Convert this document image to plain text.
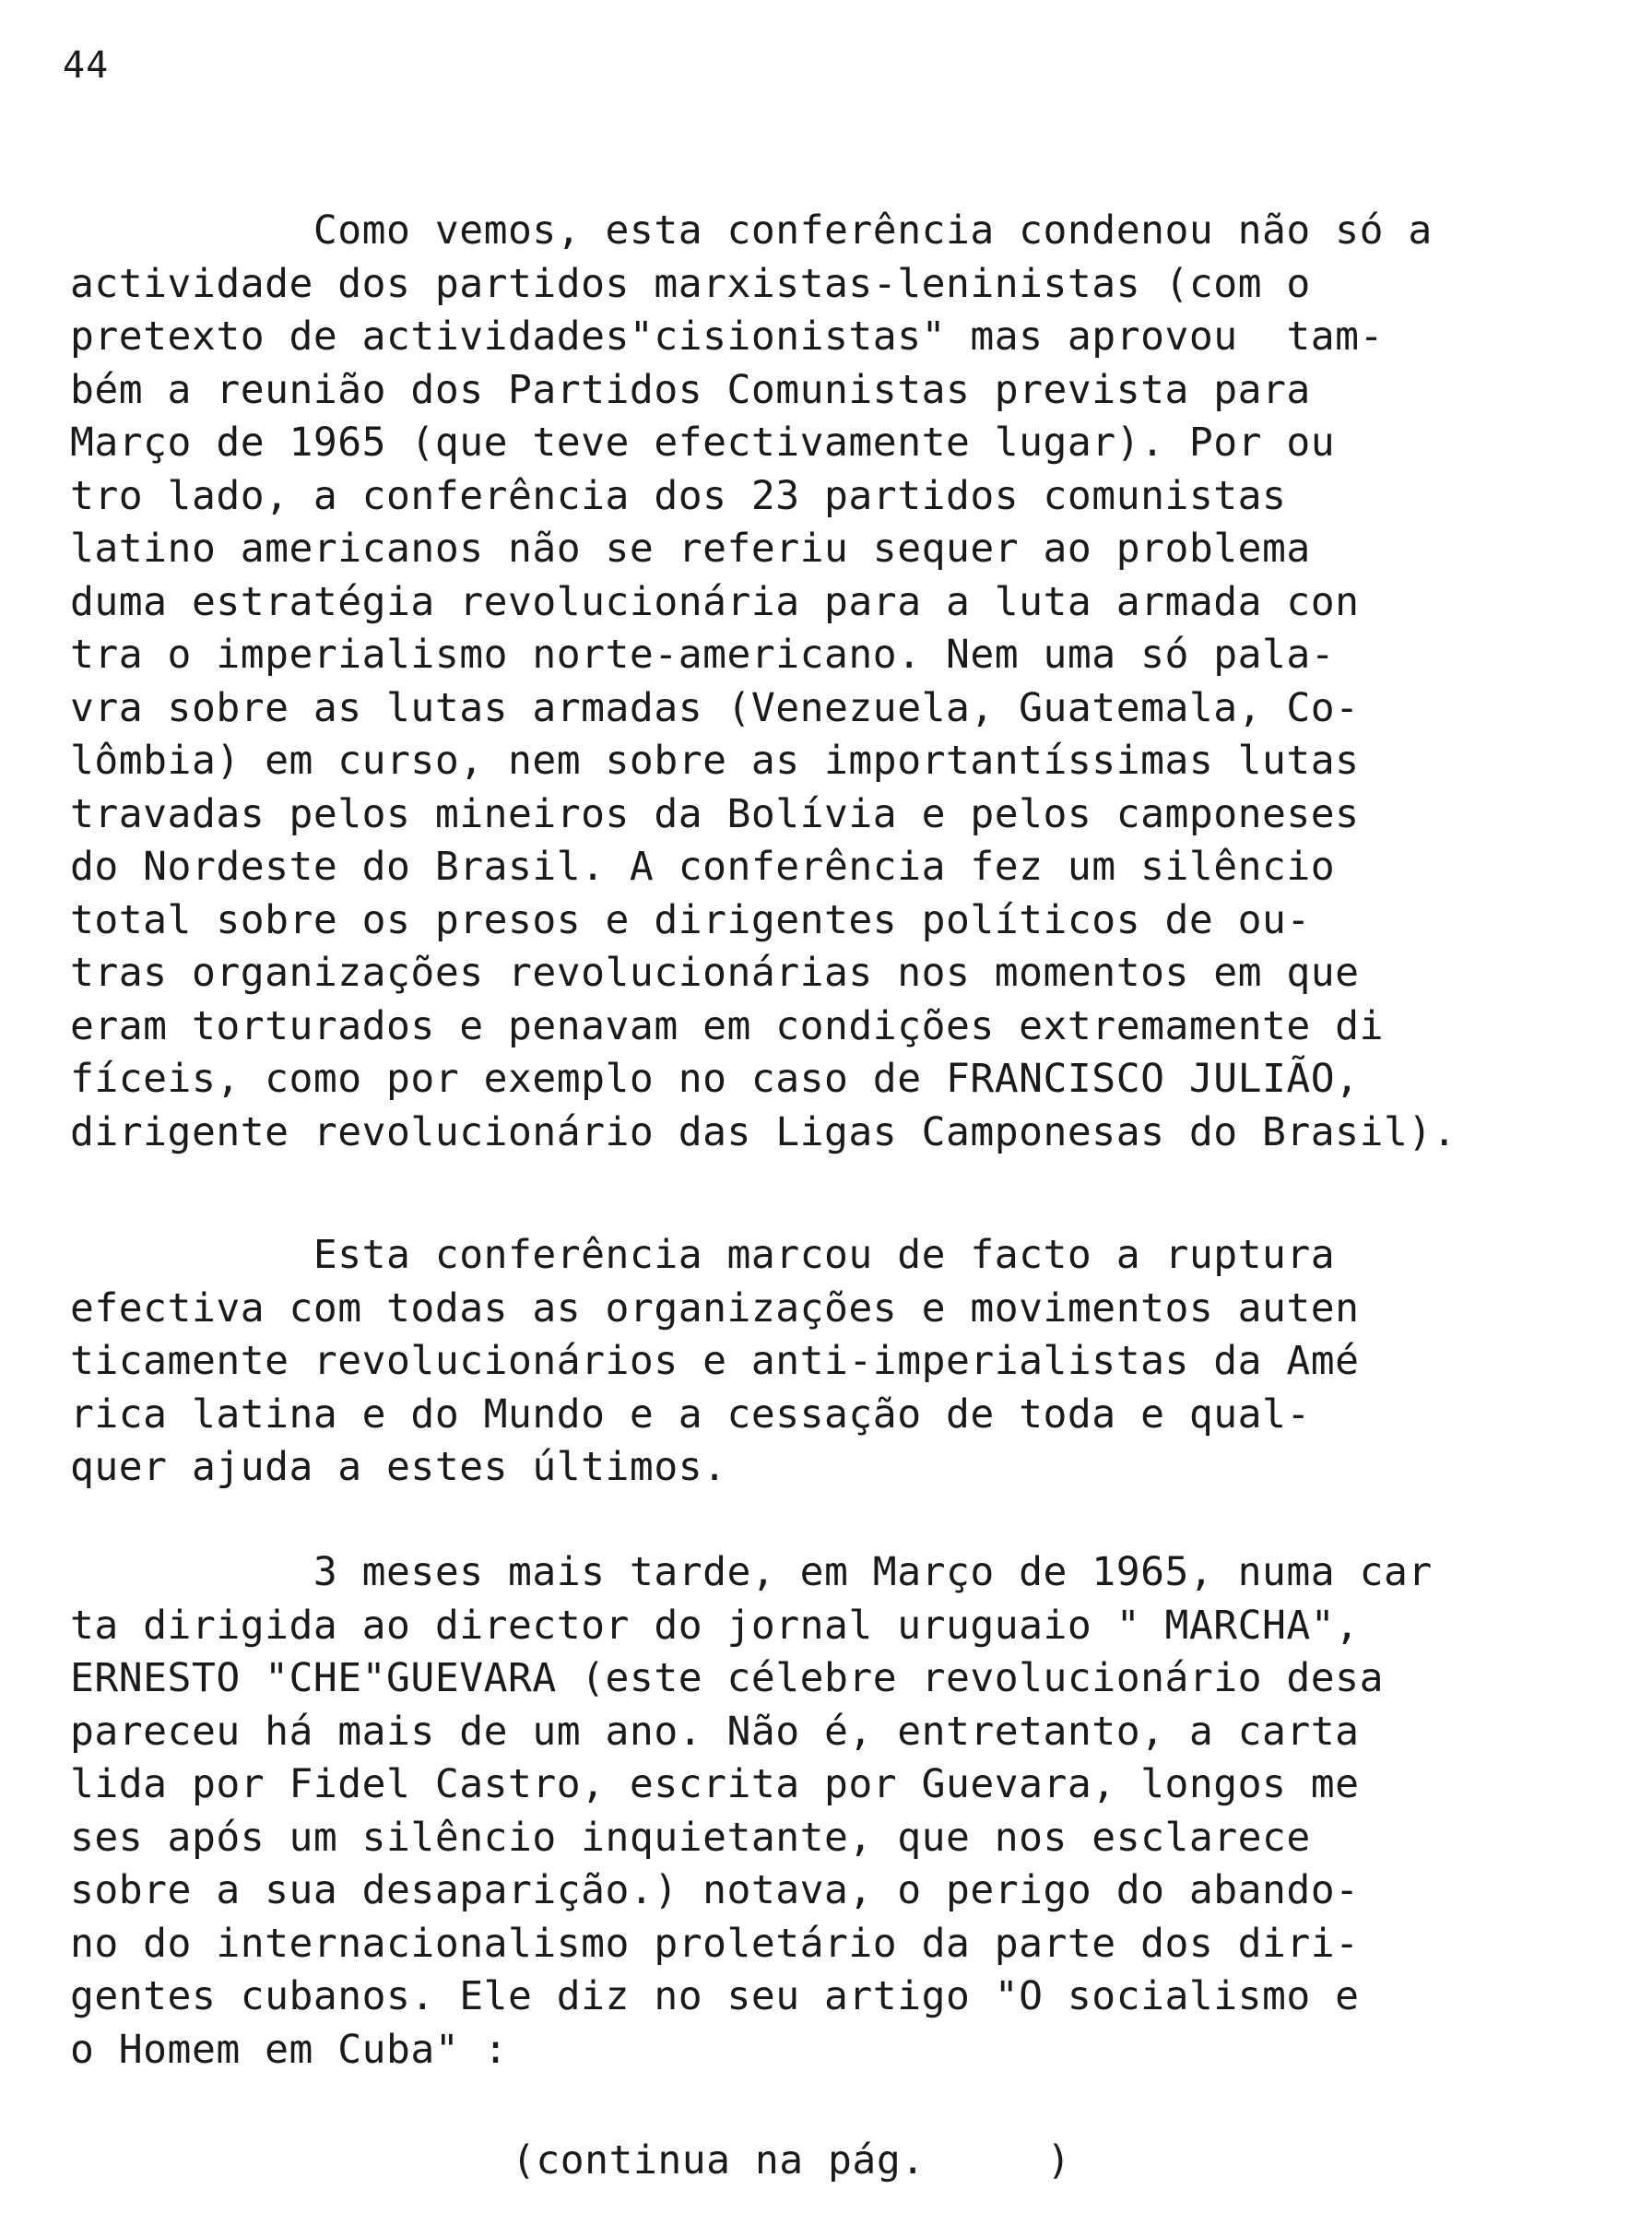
44
Como vemos, esta conferência condenou não só a
actividade dos partidos marxistas-leninistas (com o
pretexto de actividades"cisionistas" mas aprovou  tam-
bém a reunião dos Partidos Comunistas prevista para
Março de 1965 (que teve efectivamente lugar). Por ou
tro lado, a conferência dos 23 partidos comunistas
latino americanos não se referiu sequer ao problema
duma estratégia revolucionária para a luta armada con
tra o imperialismo norte-americano. Nem uma só pala-
vra sobre as lutas armadas (Venezuela, Guatemala, Co-
lômbia) em curso, nem sobre as importantíssimas lutas
travadas pelos mineiros da Bolívia e pelos camponeses
do Nordeste do Brasil. A conferência fez um silêncio
total sobre os presos e dirigentes políticos de ou-
tras organizações revolucionárias nos momentos em que
eram torturados e penavam em condições extremamente di
fíceis, como por exemplo no caso de FRANCISCO JULIÃO,
dirigente revolucionário das Ligas Camponesas do Brasil).
Esta conferência marcou de facto a ruptura
efectiva com todas as organizações e movimentos auten
ticamente revolucionários e anti-imperialistas da Amé
rica latina e do Mundo e a cessação de toda e qual-
quer ajuda a estes últimos.
3 meses mais tarde, em Março de 1965, numa car
ta dirigida ao director do jornal uruguaio " MARCHA",
ERNESTO "CHE"GUEVARA (este célebre revolucionário desa
pareceu há mais de um ano. Não é, entretanto, a carta
lida por Fidel Castro, escrita por Guevara, longos me
ses após um silêncio inquietante, que nos esclarece
sobre a sua desaparição.) notava, o perigo do abando-
no do internacionalismo proletário da parte dos diri-
gentes cubanos. Ele diz no seu artigo "O socialismo e
o Homem em Cuba" :
(continua na pág.     )
